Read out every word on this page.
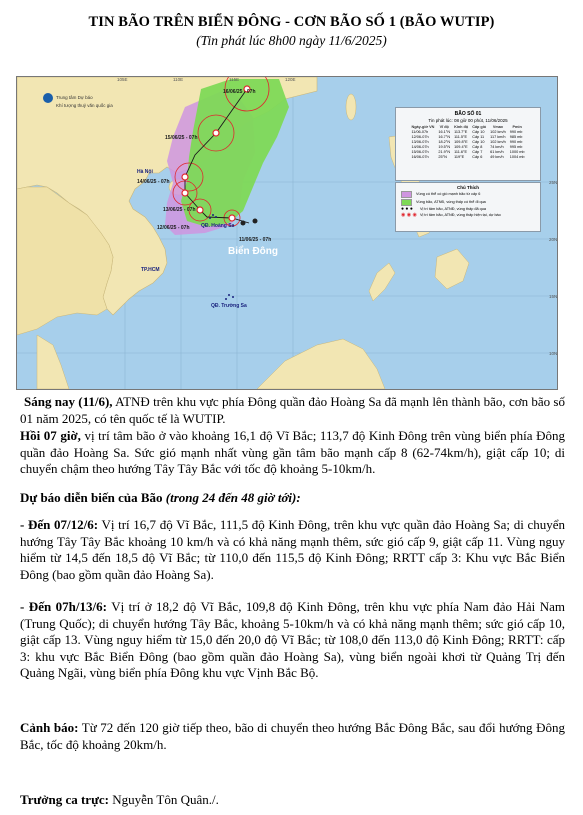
TIN BÃO TRÊN BIỂN ĐÔNG - CƠN BÃO SỐ 1 (BÃO WUTIP)
(Tin phát lúc 8h00 ngày 11/6/2025)
105E	110E	115E	120E
25N
20N
15N
10N
Trung tâm Dự báo
Khí tượng thuỷ văn quốc gia
16/06/25 - 07h
15/06/25 - 07h
14/06/25 - 07h
13/06/25 - 07h
12/06/25 - 07h
11/06/25 - 07h
Hà Nội
TP.HCM
QĐ. Hoàng Sa
QĐ. Trường Sa
Biển Đông
BÃO SỐ 01
Tin phát lúc: 08 giờ 00 phút, 11/06/2025
Ngày-giờ VN	Vĩ độ	Kinh độ	Cấp gió	Vmax	Pmin
11/06-07h	16.1°N	113.7°E	Cấp 10	102 km/h	990 mb
12/06-07h	16.7°N	111.5°E	Cấp 11	117 km/h	985 mb
13/06-07h	18.2°N	109.8°E	Cấp 10	102 km/h	990 mb
14/06-07h	19.5°N	109.4°E	Cấp 8	74 km/h	995 mb
15/06-07h	21.9°N	111.6°E	Cấp 7	61 km/h	1000 mb
16/06-07h	25°N	119°E	Cấp 6	49 km/h	1004 mb
Chú Thích
Vùng có thể có gió mạnh bão từ cấp 6
Vùng bão, ATNĐ, vùng thấp có thể đi qua
● ● ●	Vị trí tâm bão, ATNĐ, vùng thấp đã qua
◉ ◉ ◉ Vị trí tâm bão, ATNĐ, vùng thấp hiện tại, dự báo
Sáng nay (11/6), ATNĐ trên khu vực phía Đông quần đảo Hoàng Sa đã mạnh lên thành bão, cơn bão số 01 năm 2025, có tên quốc tế là WUTIP.
Hồi 07 giờ, vị trí tâm bão ở vào khoảng 16,1 độ Vĩ Bắc; 113,7 độ Kinh Đông trên vùng biển phía Đông quần đảo Hoàng Sa. Sức gió mạnh nhất vùng gần tâm bão mạnh cấp 8 (62-74km/h), giật cấp 10; di chuyển chậm theo hướng Tây Tây Bắc với tốc độ khoảng 5-10km/h.
Dự báo diễn biến của Bão (trong 24 đến 48 giờ tới):
- Đến 07/12/6: Vị trí 16,7 độ Vĩ Bắc, 111,5 độ Kinh Đông, trên khu vực quần đảo Hoàng Sa; di chuyển hướng Tây Tây Bắc khoảng 10 km/h và có khả năng mạnh thêm, sức gió cấp 9, giật cấp 11. Vùng nguy hiểm từ 14,5 đến 18,5 độ Vĩ Bắc; từ 110,0 đến 115,5 độ Kinh Đông; RRTT cấp 3: Khu vực Bắc Biển Đông (bao gồm quần đảo Hoàng Sa).
- Đến 07h/13/6: Vị trí ở 18,2 độ Vĩ Bắc, 109,8 độ Kinh Đông, trên khu vực phía Nam đảo Hải Nam (Trung Quốc); di chuyển hướng Tây Bắc, khoảng 5-10km/h và có khả năng mạnh thêm; sức gió cấp 10, giật cấp 13. Vùng nguy hiểm từ 15,0 đến 20,0 độ Vĩ Bắc; từ 108,0 đến 113,0 độ Kinh Đông; RRTT: cấp 3: khu vực Bắc Biển Đông (bao gồm quần đảo Hoàng Sa), vùng biển ngoài khơi từ Quảng Trị đến Quảng Ngãi, vùng biển phía Đông khu vực Vịnh Bắc Bộ.
Cảnh báo: Từ 72 đến 120 giờ tiếp theo, bão di chuyển theo hướng Bắc Đông Bắc, sau đổi hướng Đông Bắc, tốc độ khoảng 20km/h.
Trưởng ca trực: Nguyễn Tôn Quân./.
